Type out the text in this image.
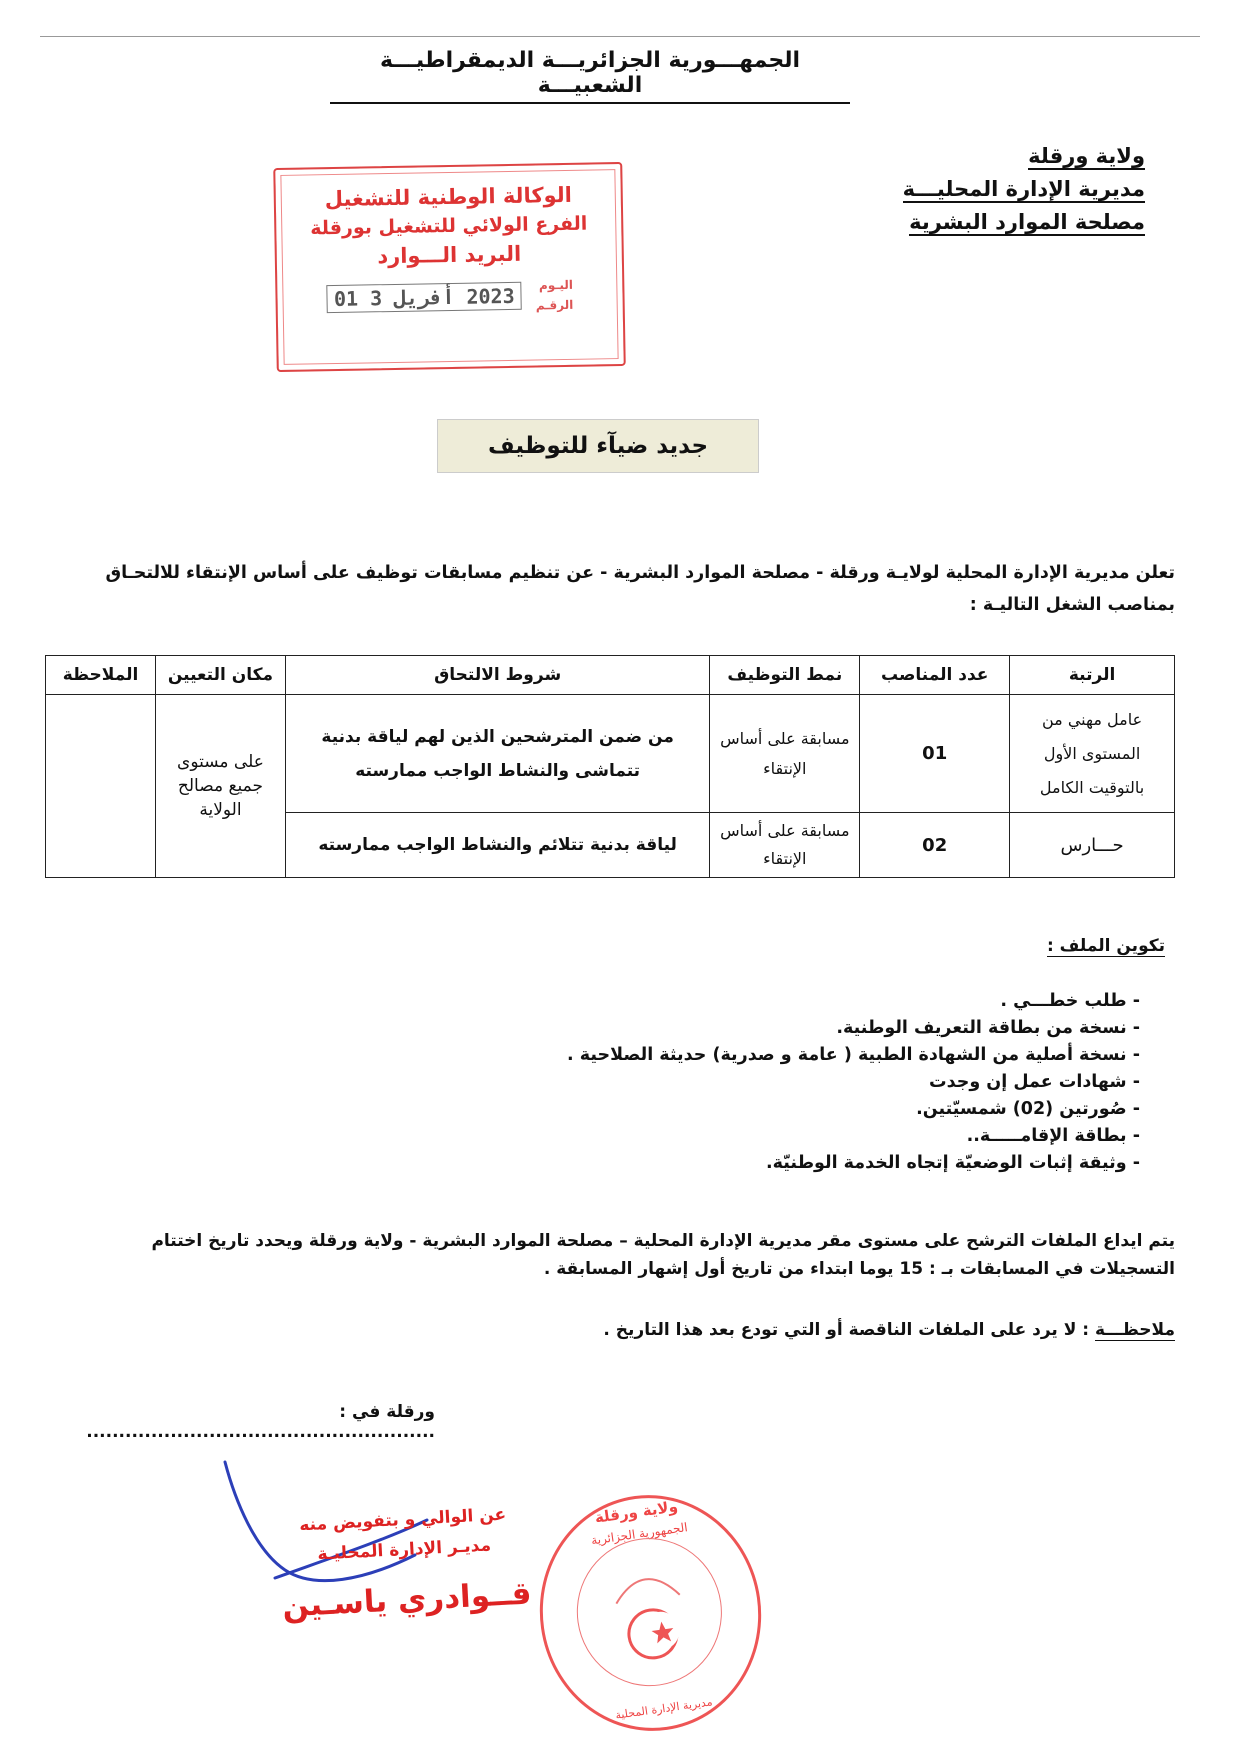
الجمهـــورية الجزائريـــة الديمقراطيـــة الشعبيـــة
ولاية ورقلة
مديرية الإدارة المحليـــة
مصلحة الموارد البشرية
الوكالة الوطنية للتشغيل
الفرع الولائي للتشغيل بورقلة
البريد الـــوارد
اليـوم
الرقـم
2023 أفريل 3 01
جديد ضيآء للتوظيف
تعلن مديرية الإدارة المحلية لولايـة ورقلة - مصلحة الموارد البشرية - عن تنظيم مسابقات توظيف على أساس الإنتقاء للالتحـاق بمناصب الشغل التاليـة :
الرتبة	عدد المناصب	نمط التوظيف	شروط الالتحاق	مكان التعيين	الملاحظة
عامل مهني من المستوى الأول بالتوقيت الكامل	01	مسابقة على أساس الإنتقاء	من ضمن المترشحين الذين لهم لياقة بدنية تتماشى والنشاط الواجب ممارسته	على مستوى جميع مصالح الولاية	
حـــارس	02	مسابقة على أساس الإنتقاء	لياقة بدنية تتلائم والنشاط الواجب ممارسته		
تكوين الملف :
- طلب خطـــي .
- نسخة من بطاقة التعريف الوطنية.
- نسخة أصلية من الشهادة الطبية ( عامة و صدرية) حديثة الصلاحية .
- شهادات عمل إن وجدت
- صُورتين (02) شمسيّتين.
- بطاقة الإقامـــــة..
- وثيقة إثبات الوضعيّة إتجاه الخدمة الوطنيّة.
يتم ايداع الملفات الترشح على مستوى مقر مديرية الإدارة المحلية – مصلحة الموارد البشرية - ولاية ورقلة ويحدد تاريخ اختتام التسجيلات في المسابقات بـ : 15 يوما ابتداء من تاريخ أول إشهار المسابقة .
ملاحظـــة : لا يرد على الملفات الناقصة أو التي تودع بعد هذا التاريخ .
ورقلة في : ......................................................
عن الوالي و بتفويض منه
مديـر الإدارة المحليـة
قــوادري ياسـين
ولاية ورقلة
الجمهورية الجزائرية
مديرية الإدارة المحلية
